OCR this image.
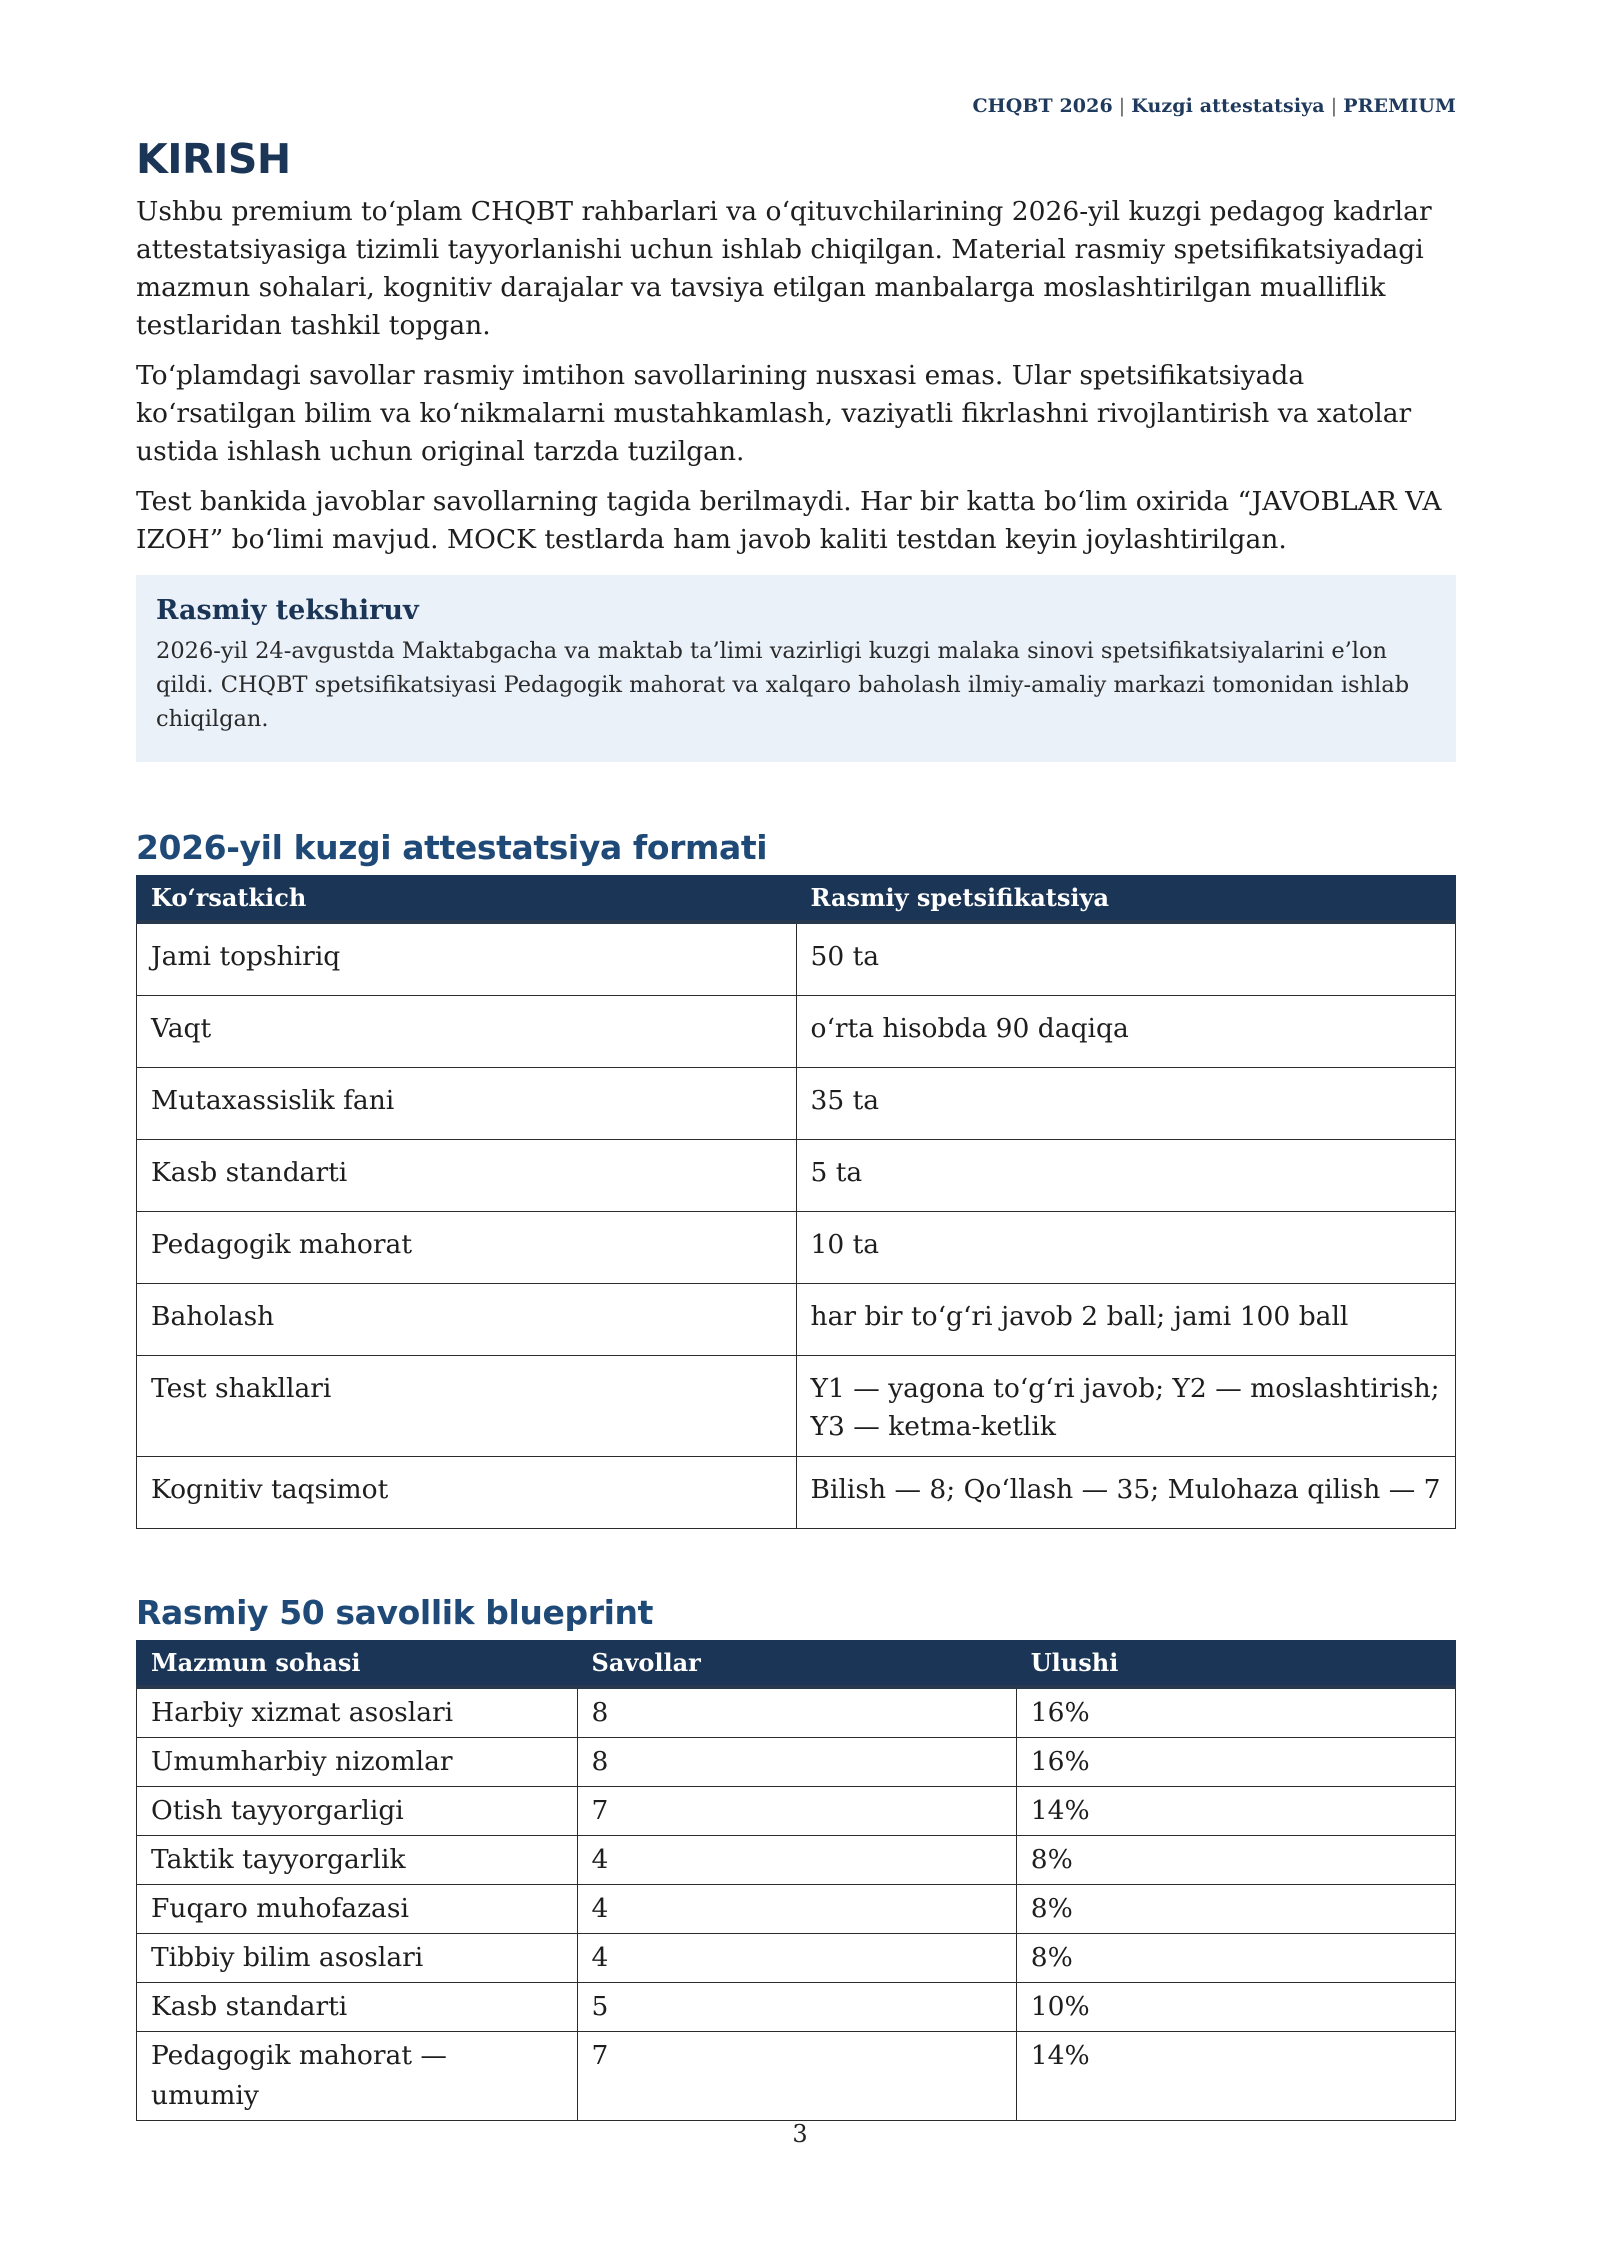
CHQBT 2026 | Kuzgi attestatsiya | PREMIUM
KIRISH

Ushbu premium to‘plam CHQBT rahbarlari va o‘qituvchilarining 2026-yil kuzgi pedagog kadrlar attestatsiyasiga tizimli tayyorlanishi uchun ishlab chiqilgan. Material rasmiy spetsifikatsiyadagi mazmun sohalari, kognitiv darajalar va tavsiya etilgan manbalarga moslashtirilgan mualliflik testlaridan tashkil topgan.

To‘plamdagi savollar rasmiy imtihon savollarining nusxasi emas. Ular spetsifikatsiyada ko‘rsatilgan bilim va ko‘nikmalarni mustahkamlash, vaziyatli fikrlashni rivojlantirish va xatolar ustida ishlash uchun original tarzda tuzilgan.

Test bankida javoblar savollarning tagida berilmaydi. Har bir katta bo‘lim oxirida “JAVOBLAR VA IZOH” bo‘limi mavjud. MOCK testlarda ham javob kaliti testdan keyin joylashtirilgan.

Rasmiy tekshiruv
2026-yil 24-avgustda Maktabgacha va maktab ta’limi vazirligi kuzgi malaka sinovi spetsifikatsiyalarini e’lon qildi. CHQBT spetsifikatsiyasi Pedagogik mahorat va xalqaro baholash ilmiy-amaliy markazi tomonidan ishlab chiqilgan.
2026-yil kuzgi attestatsiya formati
Ko‘rsatkich	Rasmiy spetsifikatsiya
Jami topshiriq	50 ta
Vaqt	o‘rta hisobda 90 daqiqa
Mutaxassislik fani	35 ta
Kasb standarti	5 ta
Pedagogik mahorat	10 ta
Baholash	har bir to‘g‘ri javob 2 ball; jami 100 ball
Test shakllari	Y1 — yagona to‘g‘ri javob; Y2 — moslashtirish; Y3 — ketma-ketlik
Kognitiv taqsimot	Bilish — 8; Qo‘llash — 35; Mulohaza qilish — 7
Rasmiy 50 savollik blueprint
Mazmun sohasi	Savollar	Ulushi
Harbiy xizmat asoslari	8	16%
Umumharbiy nizomlar	8	16%
Otish tayyorgarligi	7	14%
Taktik tayyorgarlik	4	8%
Fuqaro muhofazasi	4	8%
Tibbiy bilim asoslari	4	8%
Kasb standarti	5	10%
Pedagogik mahorat — umumiy	7	14%
3
